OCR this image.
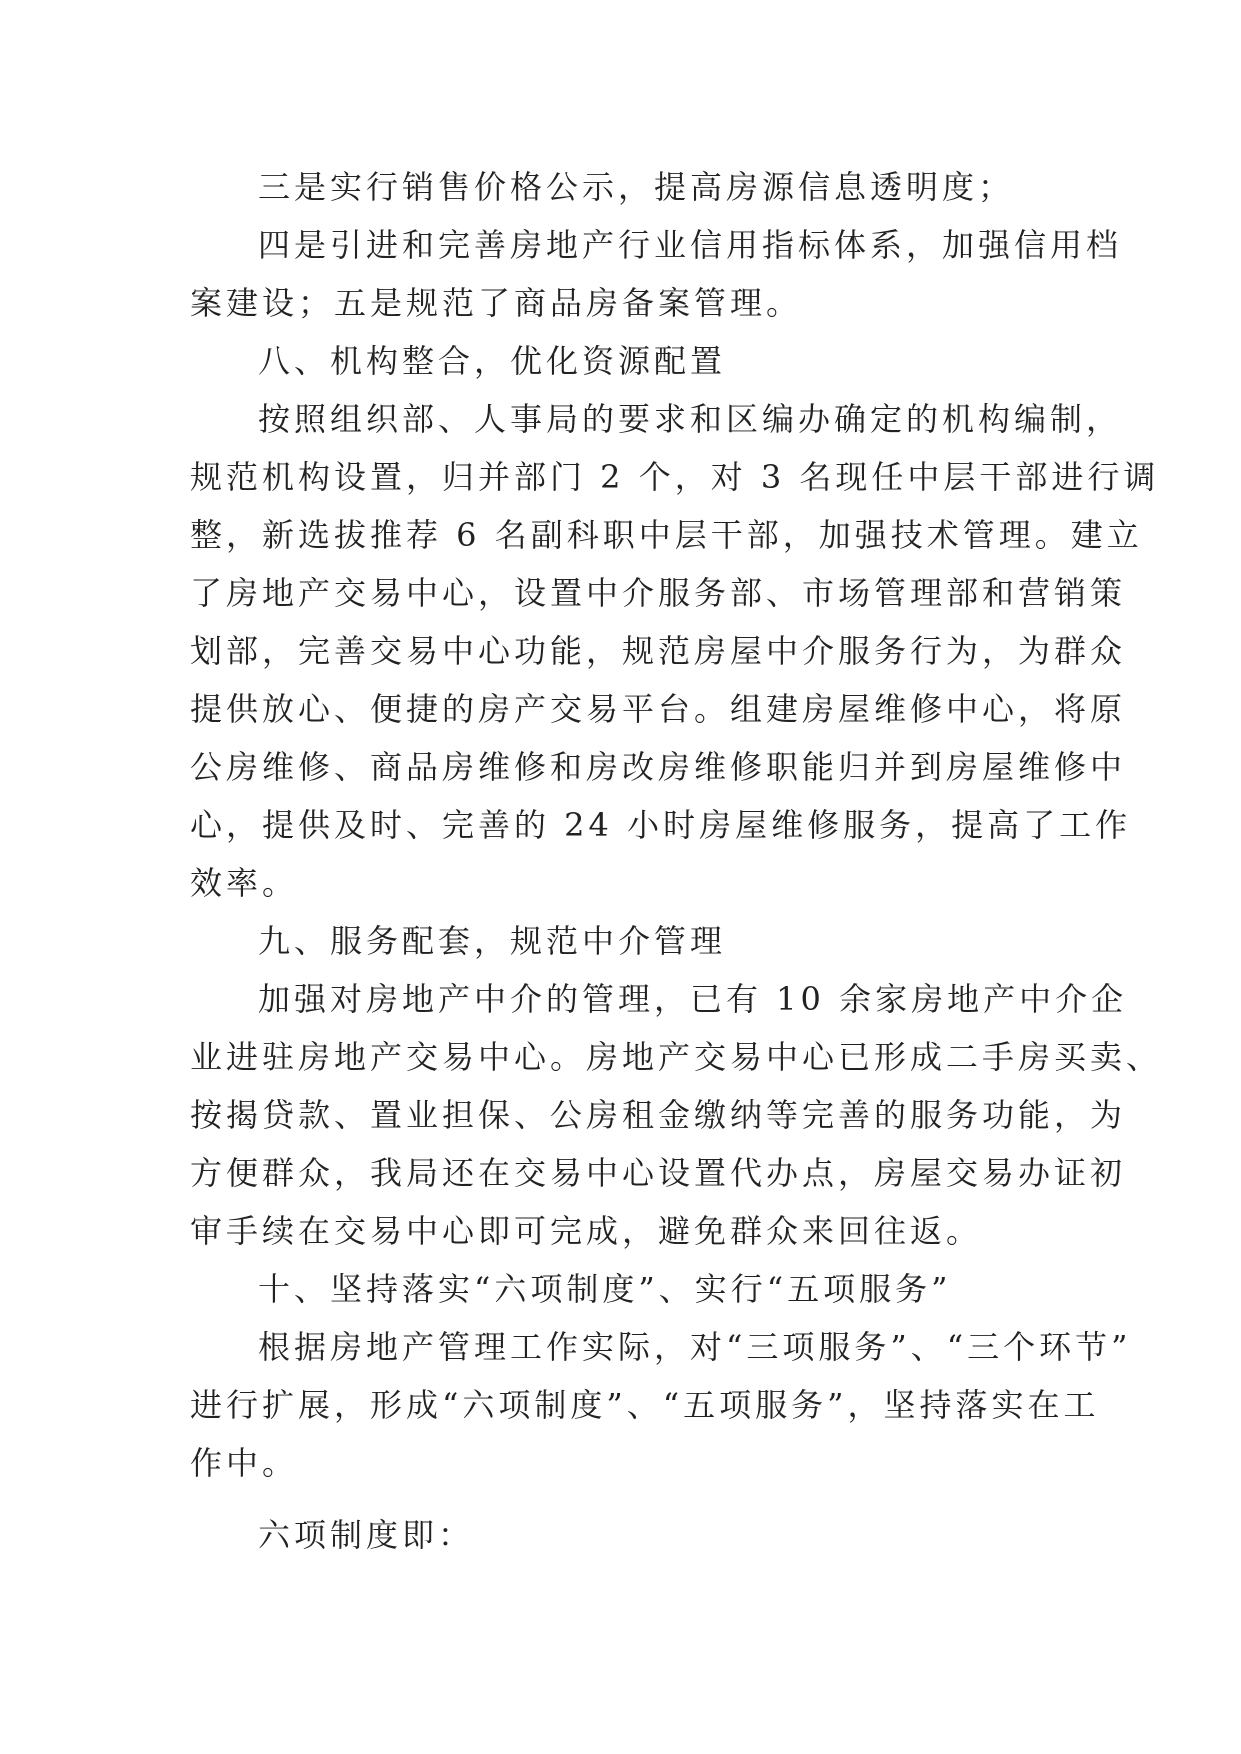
三是实行销售价格公示，提高房源信息透明度；
四是引进和完善房地产行业信用指标体系，加强信用档
案建设；五是规范了商品房备案管理。
八、机构整合，优化资源配置
按照组织部、人事局的要求和区编办确定的机构编制，
规范机构设置，归并部门 2 个，对 3 名现任中层干部进行调
整，新选拔推荐 6 名副科职中层干部，加强技术管理。建立
了房地产交易中心，设置中介服务部、市场管理部和营销策
划部，完善交易中心功能，规范房屋中介服务行为，为群众
提供放心、便捷的房产交易平台。组建房屋维修中心，将原
公房维修、商品房维修和房改房维修职能归并到房屋维修中
心，提供及时、完善的 24 小时房屋维修服务，提高了工作
效率。
九、服务配套，规范中介管理
加强对房地产中介的管理，已有 10 余家房地产中介企
业进驻房地产交易中心。房地产交易中心已形成二手房买卖、
按揭贷款、置业担保、公房租金缴纳等完善的服务功能，为
方便群众，我局还在交易中心设置代办点，房屋交易办证初
审手续在交易中心即可完成，避免群众来回往返。
十、坚持落实“六项制度”、实行“五项服务”
根据房地产管理工作实际，对“三项服务”、“三个环节”
进行扩展，形成“六项制度”、“五项服务”，坚持落实在工
作中。
六项制度即：
